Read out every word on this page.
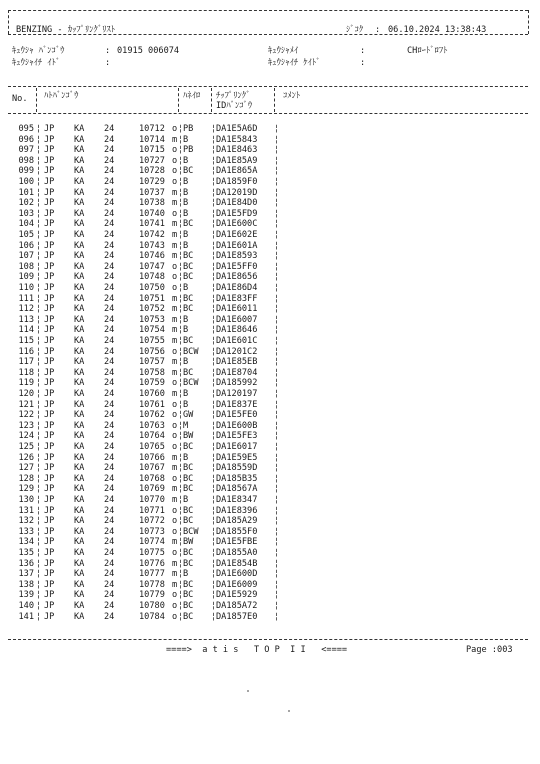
BENZING - ｶｯﾌﾟﾘﾝｸﾞﾘｽﾄ	ｼﾞｺｸ : 06.10.2024 13:38:43
ｷｭｳｼｬ ﾊﾞﾝｺﾞｳ	: 01915 006074	ｷｭｳｼｬﾒｲ	:	CHﾛｰﾄﾞﾛﾌﾄ
ｷｭｳｼｬｲﾁ ｲﾄﾞ	:	ｷｭｳｼｬｲﾁ ｹｲﾄﾞ	:
No. ﾊﾄﾊﾞﾝｺﾞｳ	ﾊﾈｲﾛ ﾁｯﾌﾟﾘﾝｸﾞ
IDﾊﾞﾝｺﾞｳ
ｺﾒﾝﾄ
095 JP KA 24	10712 o PB	DA1E5A6D
¦	¦	¦	¦
096 JP KA 24	10714 m B	DA1E5843
¦	¦	¦	¦
097 JP KA 24	10715 o PB	DA1E8463
¦	¦	¦	¦
098 JP KA 24	10727 o B	DA1E85A9
¦	¦	¦	¦
099 JP KA 24	10728 o BC	DA1E865A
¦	¦	¦	¦
100 JP KA 24	10729 o B	DA1859F0
¦	¦	¦	¦
101 JP KA 24	10737 m B	DA12019D
¦	¦	¦	¦
102 JP KA 24	10738 m B	DA1E84D0
¦	¦	¦	¦
103 JP KA 24	10740 o B	DA1E5FD9
¦	¦	¦	¦
104 JP KA 24	10741 m BC	DA1E600C
¦	¦	¦	¦
105 JP KA 24	10742 m B	DA1E602E
¦	¦	¦	¦
106 JP KA 24	10743 m B	DA1E601A
¦	¦	¦	¦
107 JP KA 24	10746 m BC	DA1E8593
¦	¦	¦	¦
108 JP KA 24	10747 o BC	DA1E5FF0
¦	¦	¦	¦
109 JP KA 24	10748 o BC	DA1E8656
¦	¦	¦	¦
110 JP KA 24	10750 o B	DA1E86D4
¦	¦	¦	¦
111 JP KA 24	10751 m BC	DA1E83FF
¦	¦	¦	¦
112 JP KA 24	10752 m BC	DA1E6011
¦	¦	¦	¦
113 JP KA 24	10753 m B	DA1E6007
¦	¦	¦	¦
114 JP KA 24	10754 m B	DA1E8646
¦	¦	¦	¦
115 JP KA 24	10755 m BC	DA1E601C
¦	¦	¦	¦
116 JP KA 24	10756 o BCW DA1201C2
¦	¦	¦	¦
117 JP KA 24	10757 m B	DA1E85EB
¦	¦	¦	¦
118 JP KA 24	10758 m BC	DA1E8704
¦	¦	¦	¦
119 JP KA 24	10759 o BCW DA185992
¦	¦	¦	¦
120 JP KA 24	10760 m B	DA120197
¦	¦	¦	¦
121 JP KA 24	10761 o B	DA1E837E
¦	¦	¦	¦
122 JP KA 24	10762 o GW	DA1E5FE0
¦	¦	¦	¦
123 JP KA 24	10763 o M	DA1E600B
¦	¦	¦	¦
124 JP KA 24	10764 o BW	DA1E5FE3
¦	¦	¦	¦
125 JP KA 24	10765 o BC	DA1E6017
¦	¦	¦	¦
126 JP KA 24	10766 m B	DA1E59E5
¦	¦	¦	¦
127 JP KA 24	10767 m BC	DA18559D
¦	¦	¦	¦
128 JP KA 24	10768 o BC	DA185B35
¦	¦	¦	¦
129 JP KA 24	10769 m BC	DA18567A
¦	¦	¦	¦
130 JP KA 24	10770 m B	DA1E8347
¦	¦	¦	¦
131 JP KA 24	10771 o BC	DA1E8396
¦	¦	¦	¦
132 JP KA 24	10772 o BC	DA185A29
¦	¦	¦	¦
133 JP KA 24	10773 o BCW DA1855F0
¦	¦	¦	¦
134 JP KA 24	10774 m BW	DA1E5FBE
¦	¦	¦	¦
135 JP KA 24	10775 o BC	DA1855A0
¦	¦	¦	¦
136 JP KA 24	10776 m BC	DA1E854B
¦	¦	¦	¦
137 JP KA 24	10777 m B	DA1E600D
¦	¦	¦	¦
138 JP KA 24	10778 m BC	DA1E6009
¦	¦	¦	¦
139 JP KA 24	10779 o BC	DA1E5929
¦	¦	¦	¦
140 JP KA 24	10780 o BC	DA185A72
¦	¦	¦	¦
141 JP KA 24	10784 o BC	DA1857E0
¦	¦	¦	¦
====>  a t i s   T O P  I I   <====	Page :003
